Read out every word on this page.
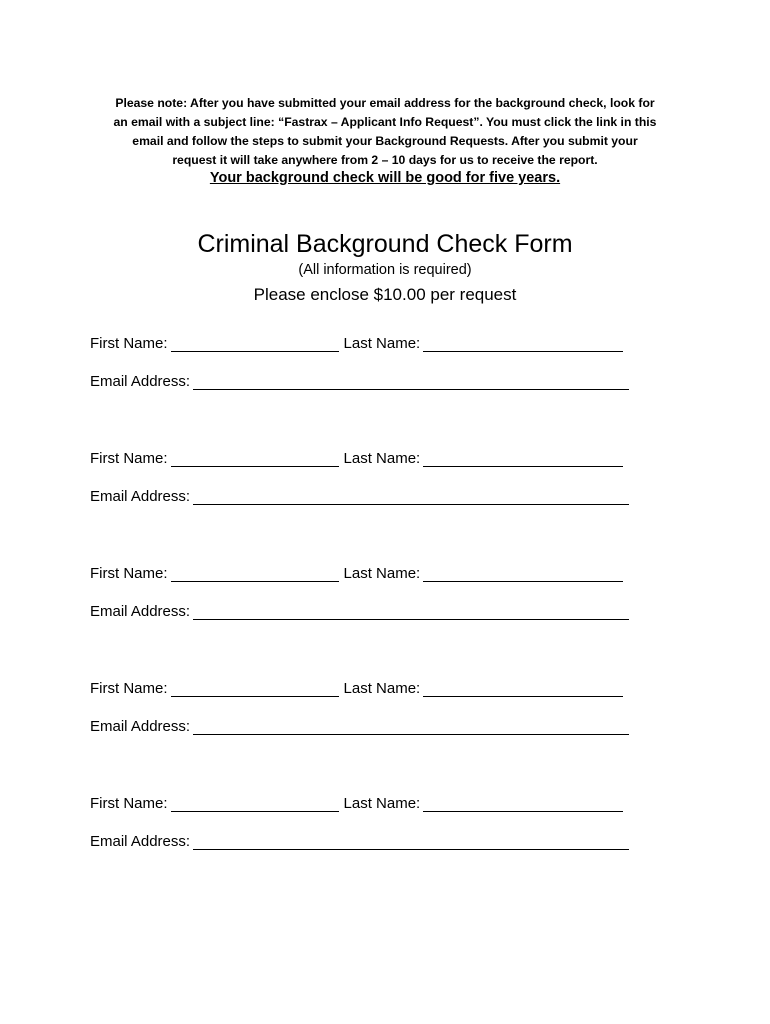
Please note: After you have submitted your email address for the background check, look for
an email with a subject line: “Fastrax – Applicant Info Request”. You must click the link in this
email and follow the steps to submit your Background Requests. After you submit your
request it will take anywhere from 2 – 10 days for us to receive the report.
Your background check will be good for five years.
Criminal Background Check Form
(All information is required)
Please enclose $10.00 per request
First Name:	Last Name:
Email Address:
First Name:	Last Name:
Email Address:
First Name:	Last Name:
Email Address:
First Name:	Last Name:
Email Address:
First Name:	Last Name:
Email Address:
